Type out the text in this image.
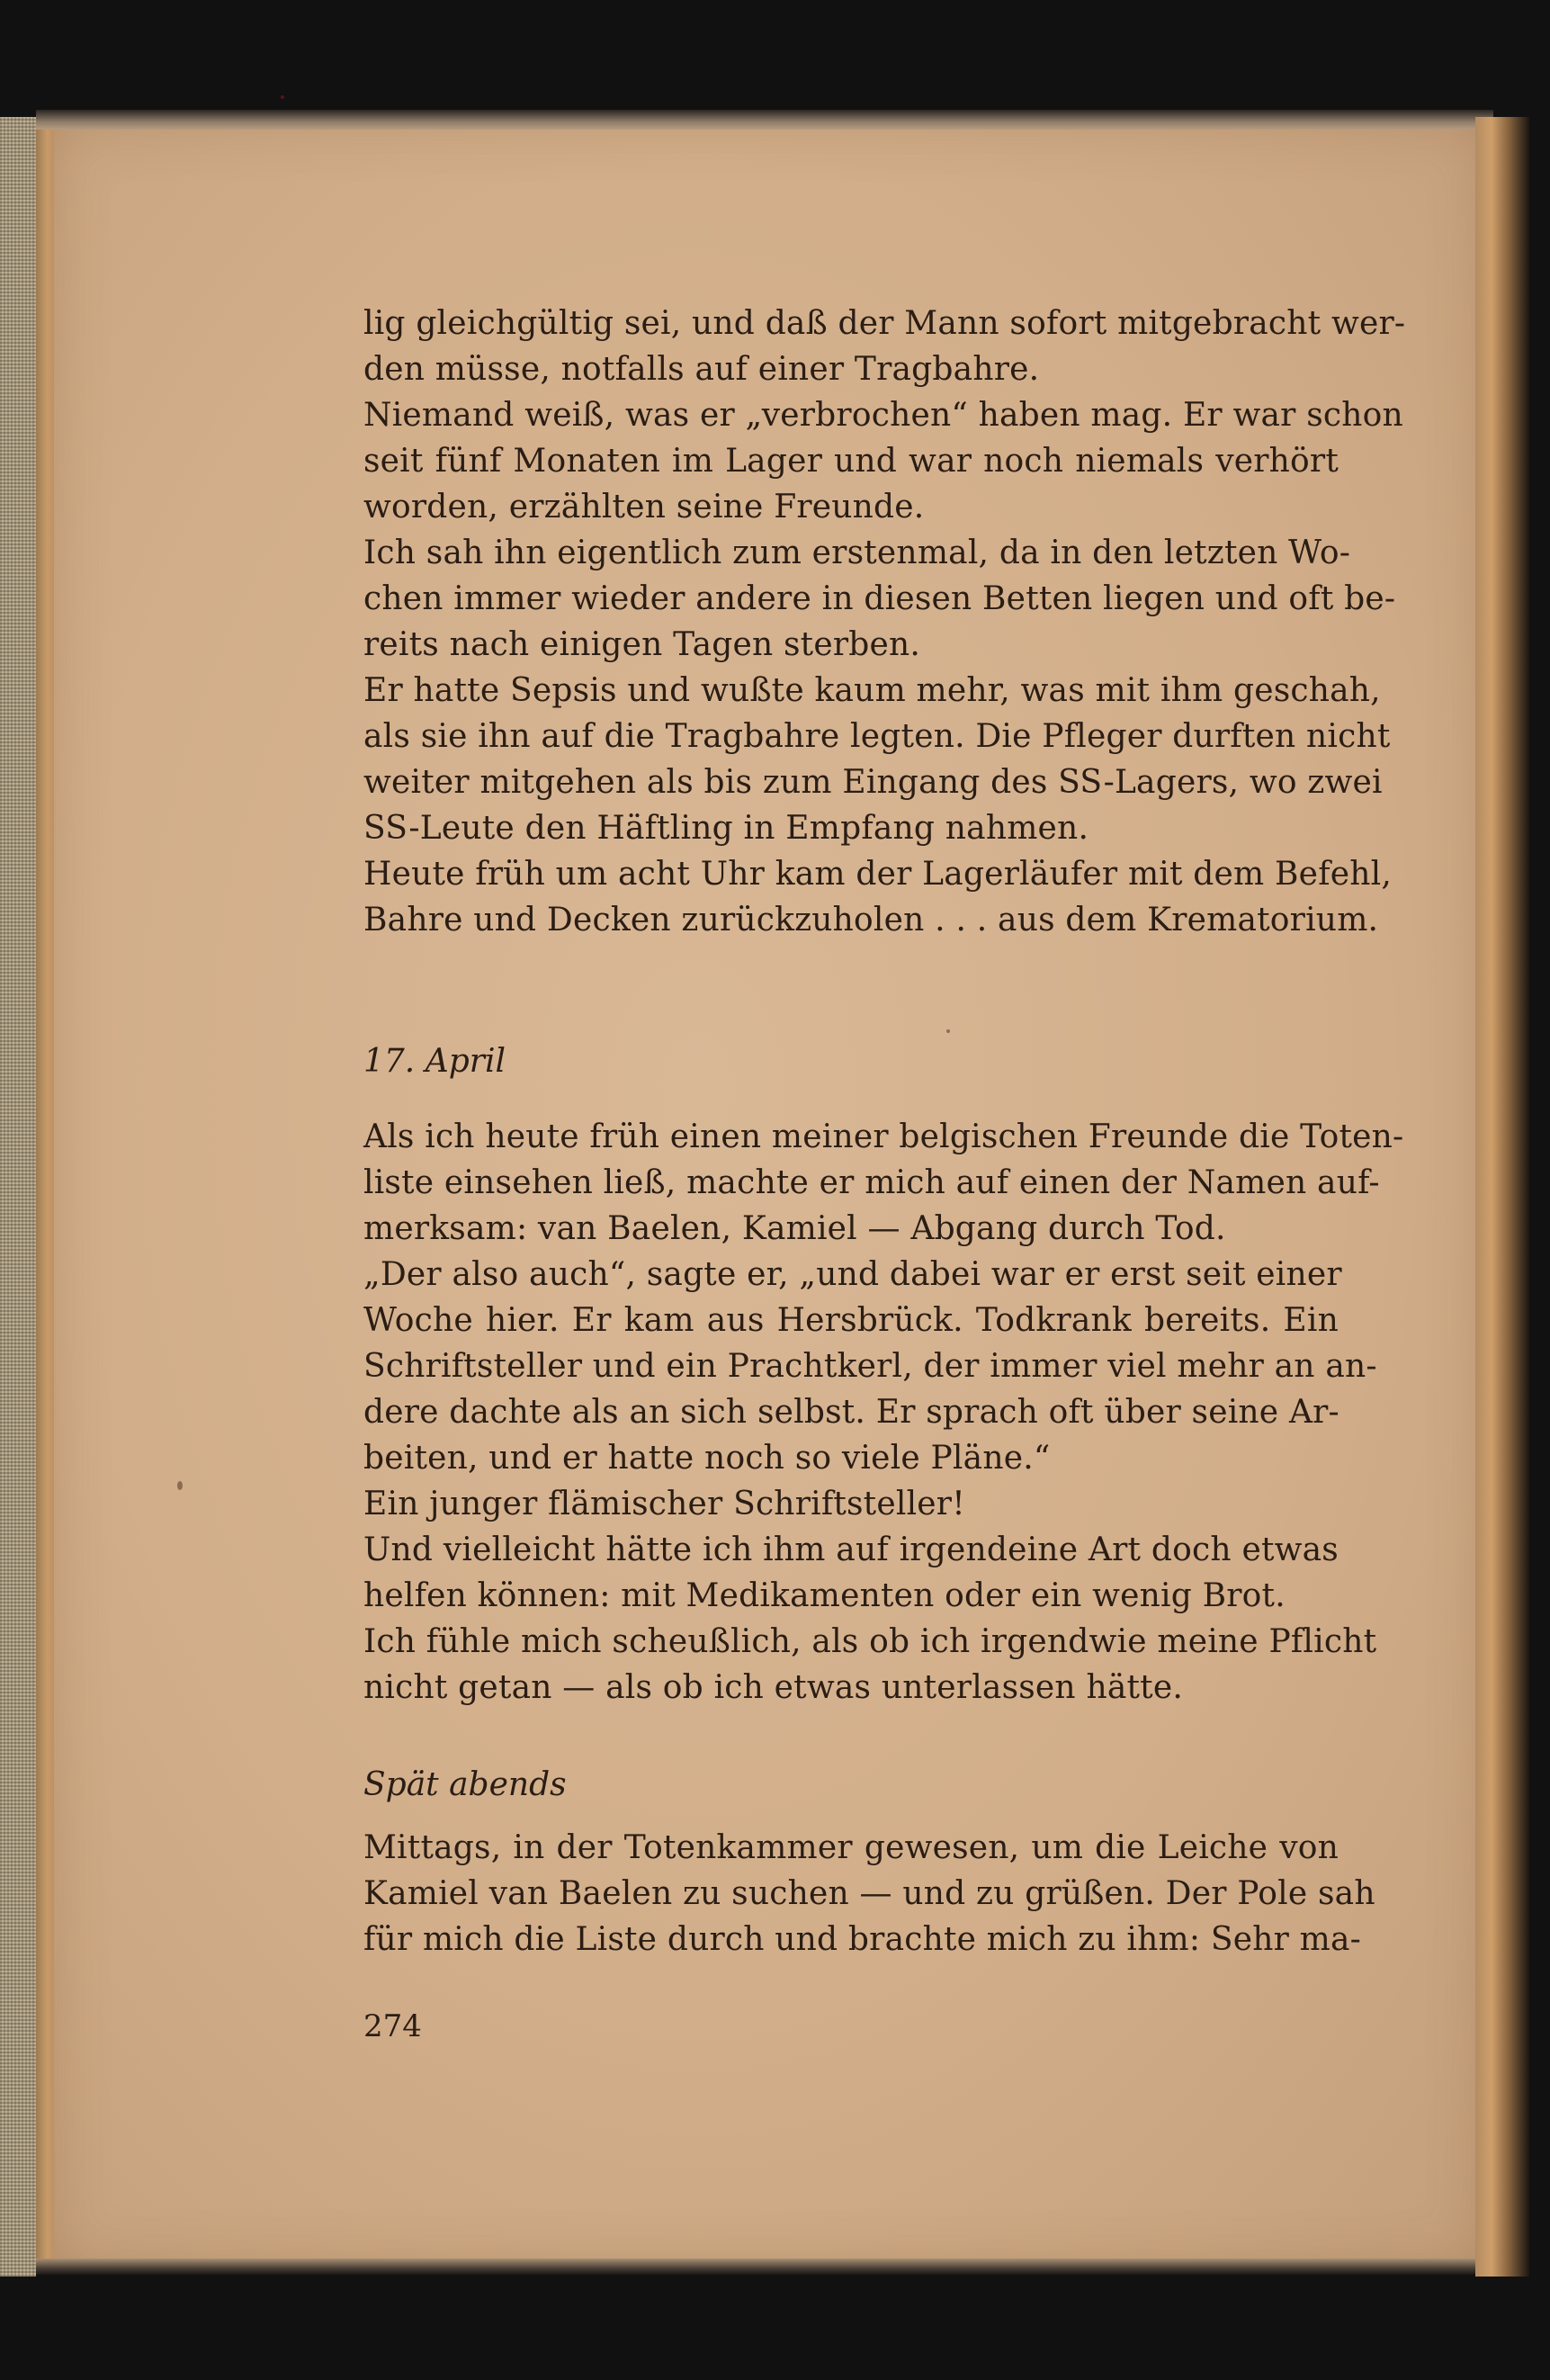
lig gleichgültig sei, und daß der Mann sofort mitgebracht wer-
den müsse, notfalls auf einer Tragbahre.
Niemand weiß, was er „verbrochen“ haben mag. Er war schon
seit fünf Monaten im Lager und war noch niemals verhört
worden, erzählten seine Freunde.
Ich sah ihn eigentlich zum erstenmal, da in den letzten Wo-
chen immer wieder andere in diesen Betten liegen und oft be-
reits nach einigen Tagen sterben.
Er hatte Sepsis und wußte kaum mehr, was mit ihm geschah,
als sie ihn auf die Tragbahre legten. Die Pfleger durften nicht
weiter mitgehen als bis zum Eingang des SS-Lagers, wo zwei
SS-Leute den Häftling in Empfang nahmen.
Heute früh um acht Uhr kam der Lagerläufer mit dem Befehl,
Bahre und Decken zurückzuholen . . . aus dem Krematorium.
17. April
Als ich heute früh einen meiner belgischen Freunde die Toten-
liste einsehen ließ, machte er mich auf einen der Namen auf-
merksam: van Baelen, Kamiel — Abgang durch Tod.
„Der also auch“, sagte er, „und dabei war er erst seit einer
Woche hier. Er kam aus Hersbrück. Todkrank bereits. Ein
Schriftsteller und ein Prachtkerl, der immer viel mehr an an-
dere dachte als an sich selbst. Er sprach oft über seine Ar-
beiten, und er hatte noch so viele Pläne.“
Ein junger flämischer Schriftsteller!
Und vielleicht hätte ich ihm auf irgendeine Art doch etwas
helfen können: mit Medikamenten oder ein wenig Brot.
Ich fühle mich scheußlich, als ob ich irgendwie meine Pflicht
nicht getan — als ob ich etwas unterlassen hätte.
Spät abends
Mittags, in der Totenkammer gewesen, um die Leiche von
Kamiel van Baelen zu suchen — und zu grüßen. Der Pole sah
für mich die Liste durch und brachte mich zu ihm: Sehr ma-
274
